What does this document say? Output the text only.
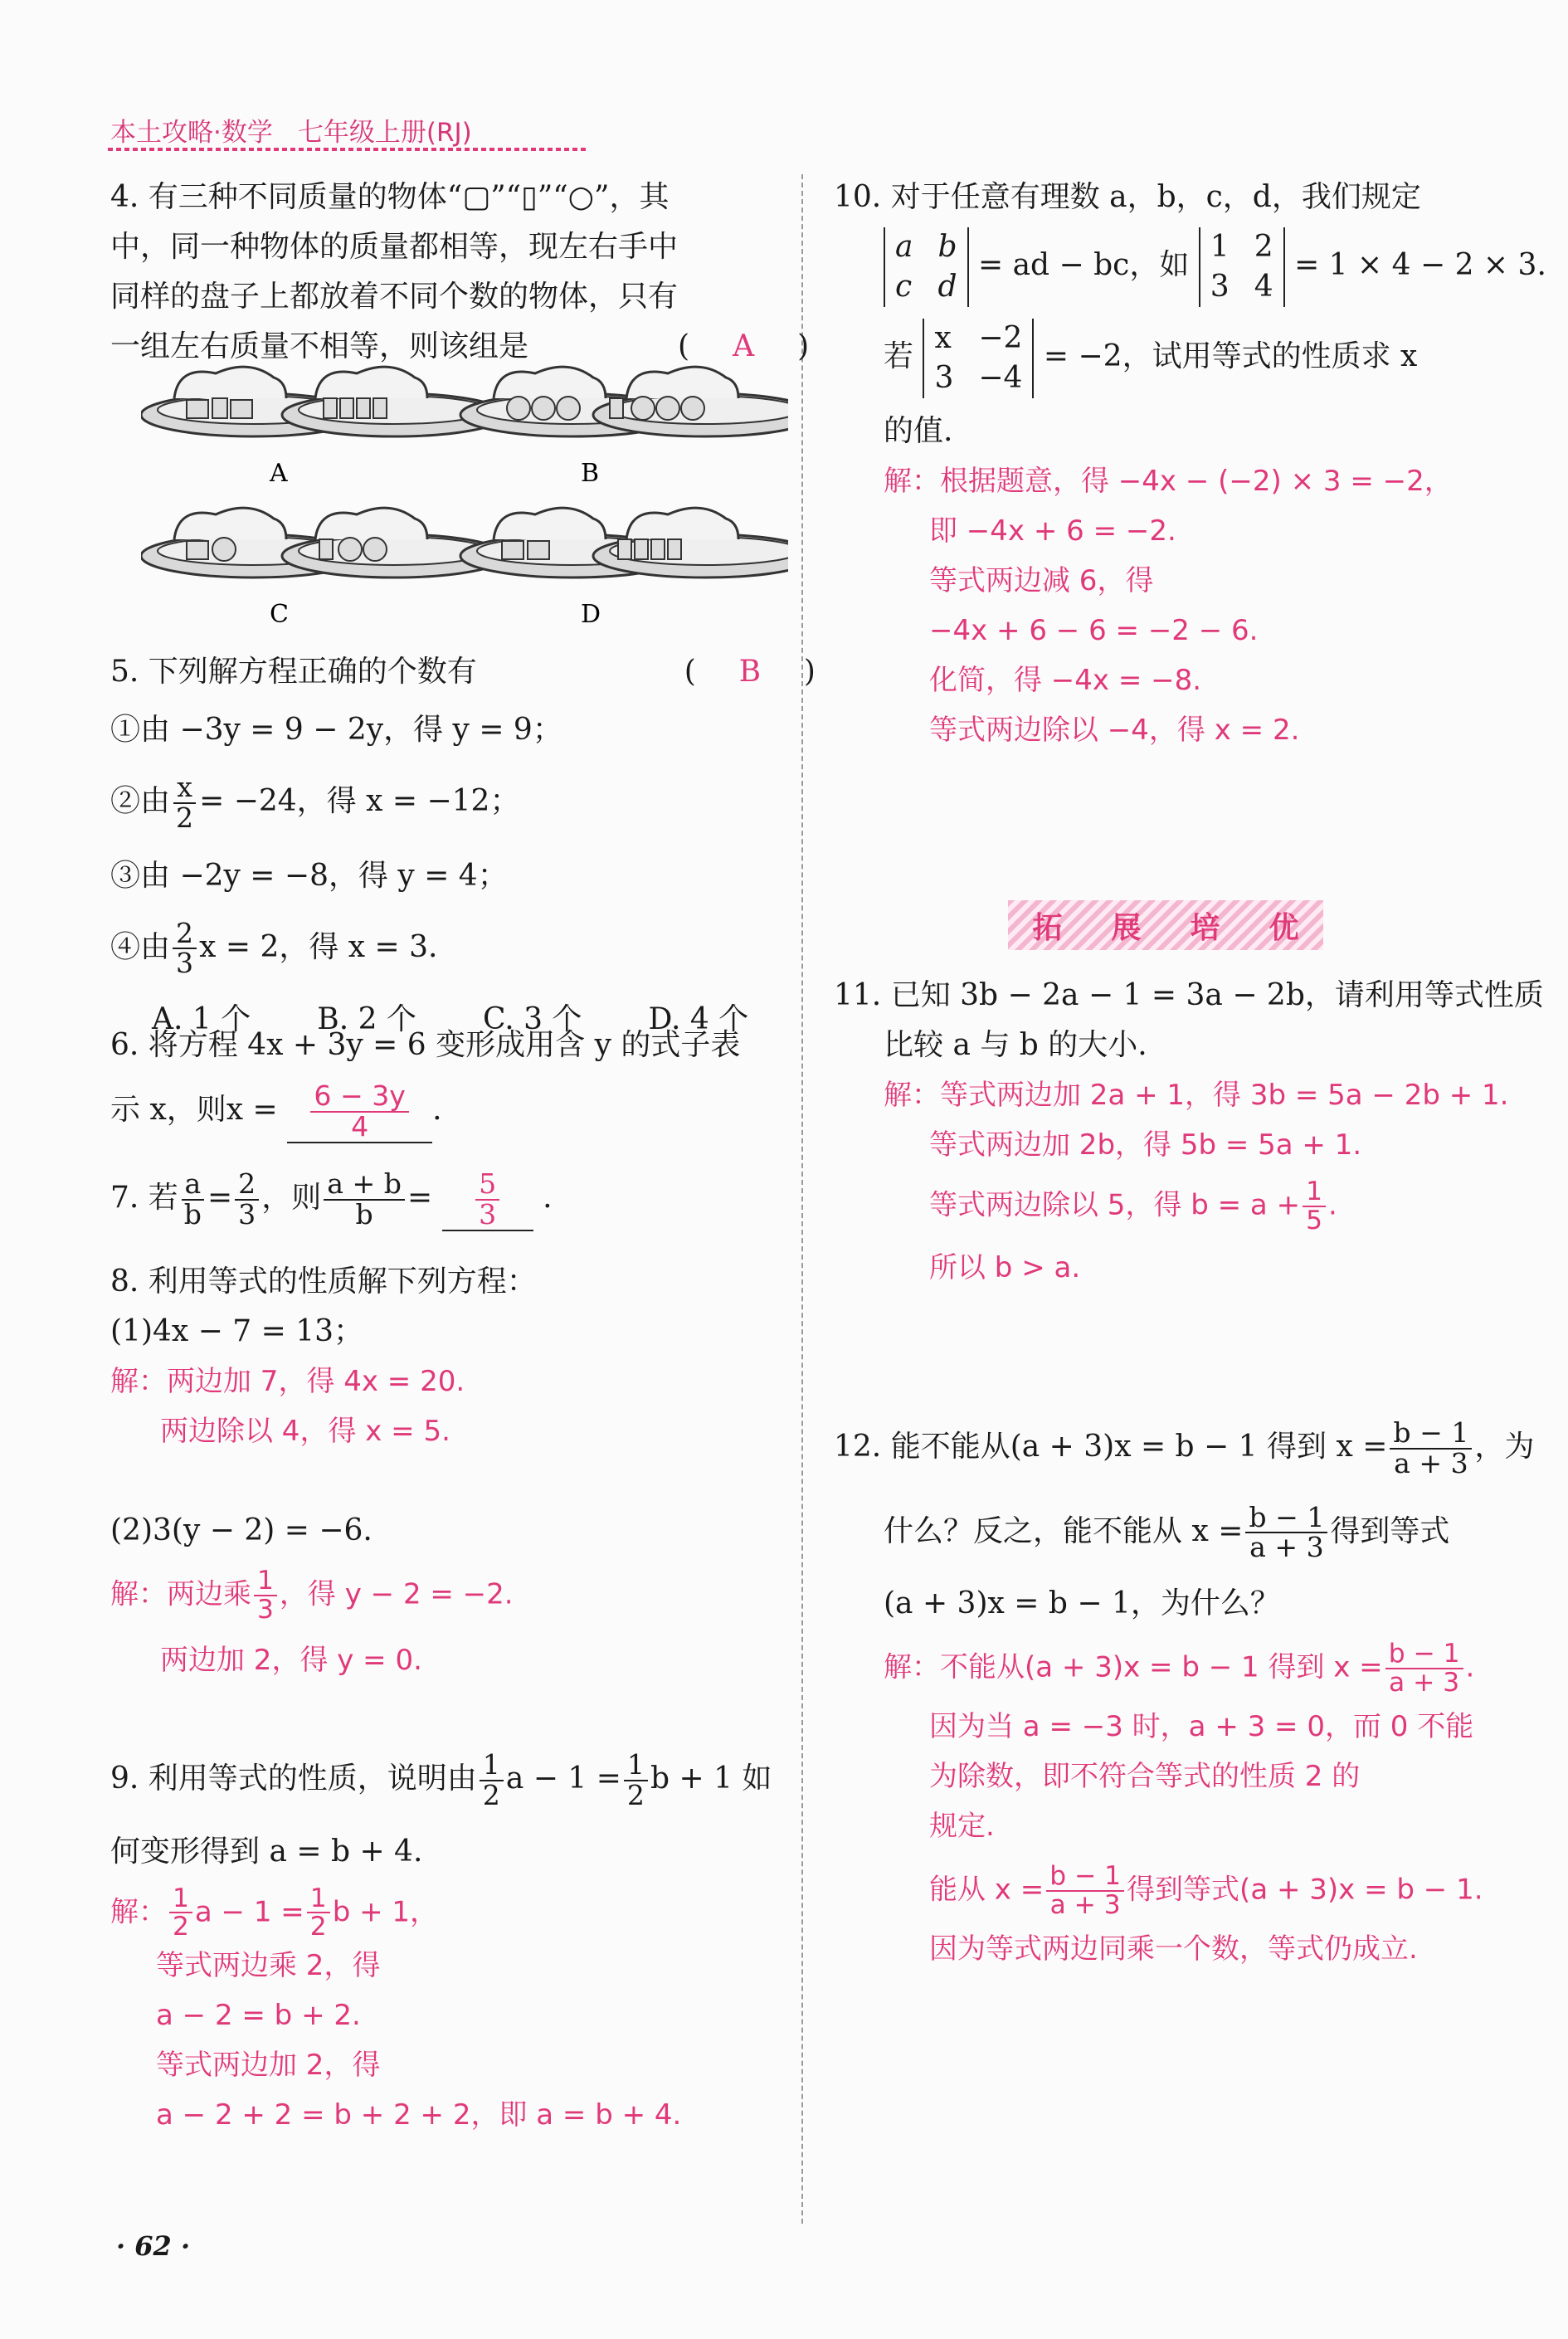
本土攻略·数学 七年级上册(RJ)
4. 有三种不同质量的物体“▢”“▯”“○”，其
中，同一种物体的质量都相等，现左右手中
同样的盘子上都放着不同个数的物体，只有
一组左右质量不相等，则该组是	( A )
A	B
C	D
5. 下列解方程正确的个数有	( B )
①由 −3y = 9 − 2y，得 y = 9；
②由 $\frac{x}{2} = -24$，得 x = −12；
③由 −2y = −8，得 y = 4；
④由 $\frac{2}{3}$ x = 2，得 x = 3.
A. 1 个 B. 2 个 C. 3 个 D. 4 个
6. 将方程 4x + 3y = 6 变形成用含 y 的式子表
示 x，则$x = \frac{6 - 3y}{4}$ .
7. 若 $\frac{a}{b} = \frac{2}{3}$ ，则 $\frac{a + b}{b} = \frac{5}{3}$ .
8. 利用等式的性质解下列方程：
(1)4x − 7 = 13；
解：两边加 7，得 4x = 20.
两边除以 4，得 x = 5.
(2)3(y − 2) = −6.
解：两边乘 $\frac{1}{3}$ ，得 y − 2 = −2.
两边加 2，得 y = 0.
9. 利用等式的性质，说明由 $\frac{1}{2}$ $a - 1 = \frac{1}{2}$ b + 1 如
何变形得到 a = b + 4.
解： $\frac{1}{2}$ $a - 1 = \frac{1}{2}$ b + 1，
等式两边乘 2，得
a − 2 = b + 2.
等式两边加 2，得
a − 2 + 2 = b + 2 + 2，即 a = b + 4.
10. 对于任意有理数 a，b，c，d，我们规定
a b
c d
= ad − bc，如
1 2
3 4
= 1 × 4 − 2 × 3.
若
x −2
3 −4
= −2，试用等式的性质求 x
的值.
解：根据题意，得 −4x − (−2) × 3 = −2，
即 −4x + 6 = −2.
等式两边减 6，得
−4x + 6 − 6 = −2 − 6.
化简，得 −4x = −8.
等式两边除以 −4，得 x = 2.
拓 展 培 优
11. 已知 3b − 2a − 1 = 3a − 2b，请利用等式性质
比较 a 与 b 的大小.
解：等式两边加 2a + 1，得 3b = 5a − 2b + 1.
等式两边加 2b，得 5b = 5a + 1.
等式两边除以 5，得 $b = a + \frac{1}{5}$ .
所以 b > a.
12. 能不能从(a + 3)x = b − 1 得到 $x = \frac{b - 1}{a + 3}$ ，为
什么？反之，能不能从 $x = \frac{b - 1}{a + 3}$ 得到等式
(a + 3)x = b − 1，为什么？
解：不能从(a + 3)x = b − 1 得到 $x = \frac{b - 1}{a + 3}$ .
因为当 a = −3 时，a + 3 = 0，而 0 不能
为除数，即不符合等式的性质 2 的
规定.
能从 $x = \frac{b - 1}{a + 3}$ 得到等式(a + 3)x = b − 1.
因为等式两边同乘一个数，等式仍成立.
· 62 ·
